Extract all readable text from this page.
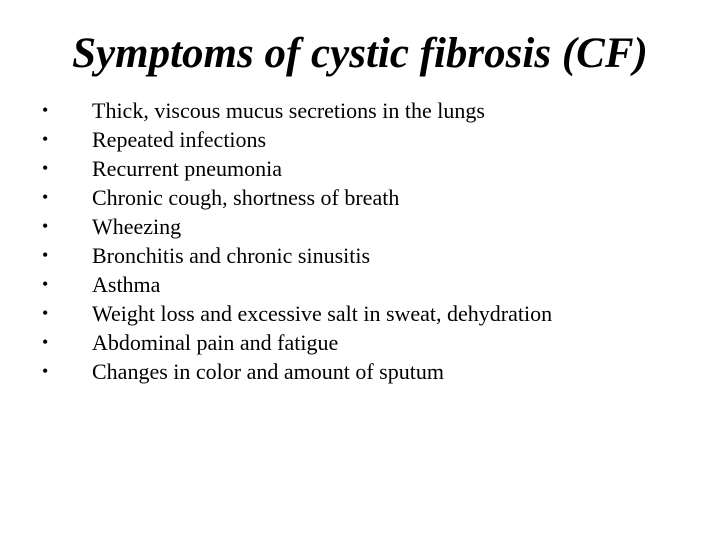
Symptoms of cystic fibrosis (CF)
• Thick, viscous mucus secretions in the lungs
• Repeated infections
• Recurrent pneumonia
• Chronic cough, shortness of breath
• Wheezing
• Bronchitis and chronic sinusitis
• Asthma
• Weight loss and excessive salt in sweat, dehydration
• Abdominal pain and fatigue
• Changes in color and amount of sputum
